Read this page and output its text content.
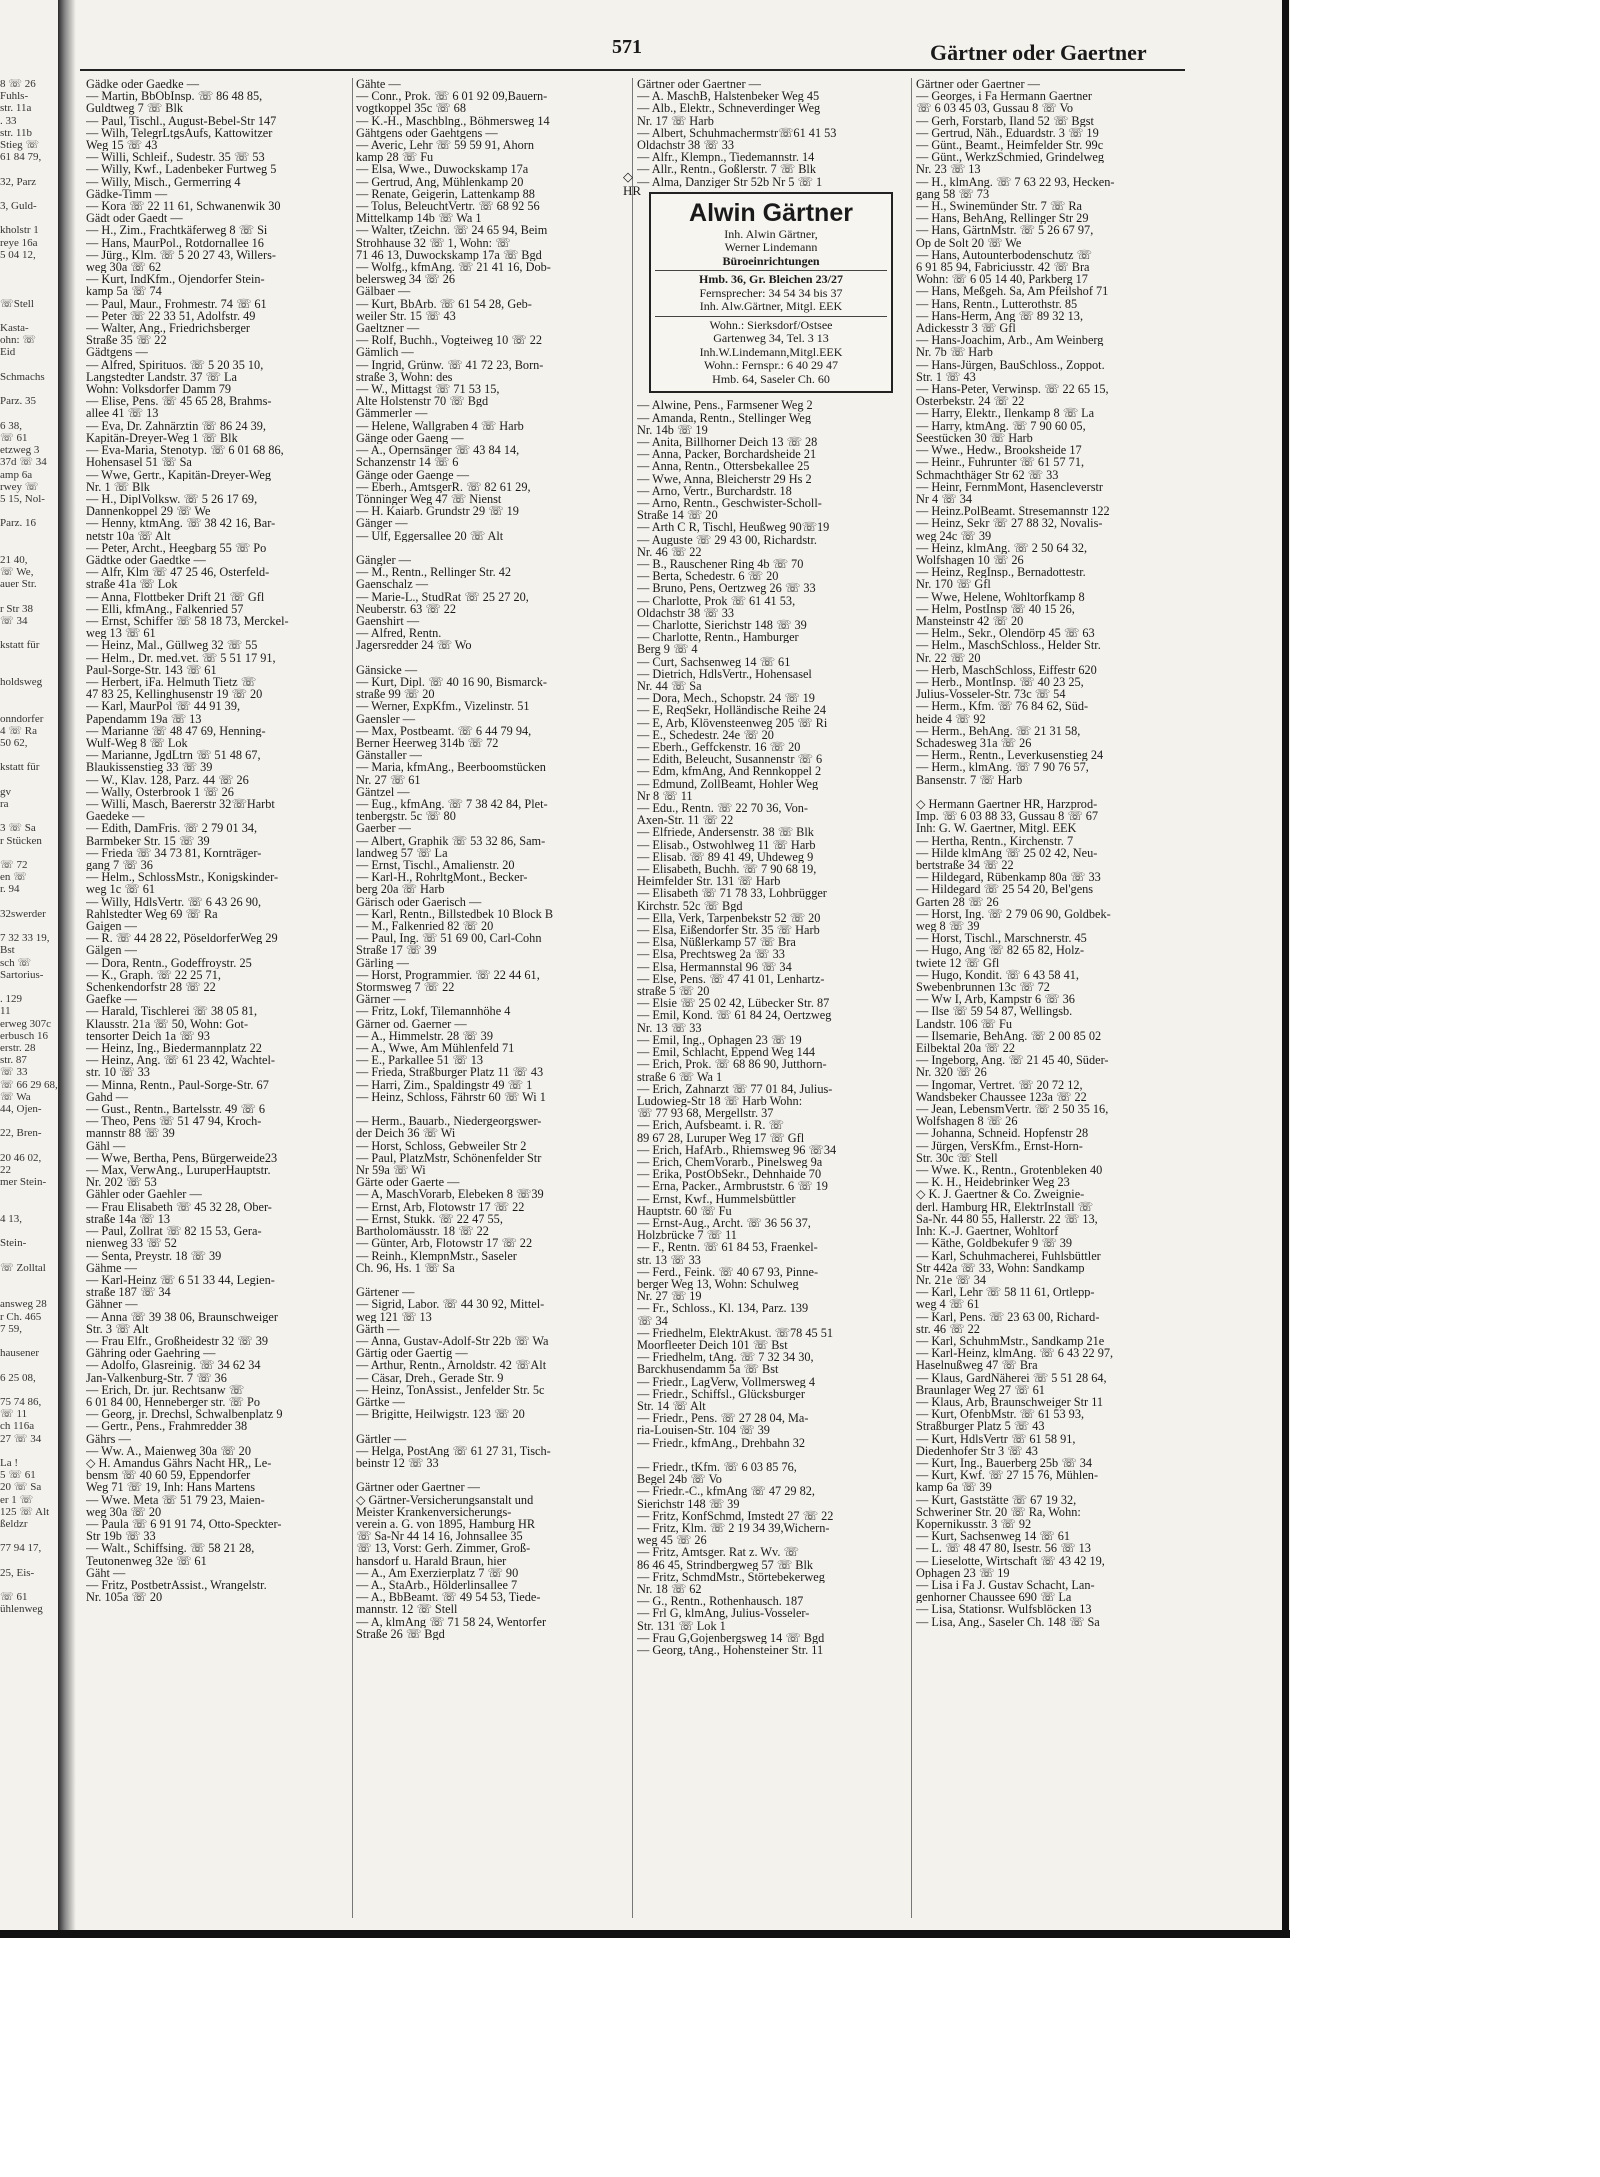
571	Gärtner oder Gaertner
8 ☏ 26
Fuhls-
str. 11a
. 33
str. 11b
Stieg ☏
61 84 79,

32, Parz

3, Guld-

kholstr 1
reye 16a
5 04 12,

☏Stell

Kasta-
ohn: ☏
Eid

Schmachs

Parz. 35

6 38,
☏ 61
etzweg 3
37d ☏ 34
amp 6a
rwey ☏
5 15, Nol-

Parz. 16

21 40,
☏ We,
auer Str.

r Str 38
☏ 34

kstatt für

holdsweg

onndorfer
4 ☏ Ra
50 62,

kstatt für

gv
ra

3 ☏ Sa
r Stücken

☏ 72
en ☏
r. 94

32swerder

7 32 33 19,
Bst
sch ☏
Sartorius-

. 129
11
erweg 307c
erbusch 16
erstr. 28
str. 87
☏ 33
☏ 66 29 68,
☏ Wa
44, Ojen-

22, Bren-

20 46 02,
22
mer Stein-

4 13,

Stein-

☏ Zolltal

answeg 28
r Ch. 465
7 59,

hausener

6 25 08,

75 74 86,
☏ 11
ch 116a
27 ☏ 34

La !
5 ☏ 61
20 ☏ Sa
er 1 ☏
125 ☏ Alt
ßeldzr

77 94 17,

25, Eis-

☏ 61
ühlenweg
Gädke oder Gaedke —
— Martin, BbObInsp. ☏ 86 48 85,
Guldtweg 7 ☏ Blk
— Paul, Tischl., August-Bebel-Str 147
— Wilh, TelegrLtgsAufs, Kattowitzer
Weg 15 ☏ 43
— Willi, Schleif., Sudestr. 35 ☏ 53
— Willy, Kwf., Ladenbeker Furtweg 5
— Willy, Misch., Germerring 4
Gädke-Timm —
— Kora ☏ 22 11 61, Schwanenwik 30
Gädt oder Gaedt —
— H., Zim., Frachtkäferweg 8 ☏ Si
— Hans, MaurPol., Rotdornallee 16
— Jürg., Klm. ☏ 5 20 27 43, Willers-
weg 30a ☏ 62
— Kurt, IndKfm., Ojendorfer Stein-
kamp 5a ☏ 74
— Paul, Maur., Frohmestr. 74 ☏ 61
— Peter ☏ 22 33 51, Adolfstr. 49
— Walter, Ang., Friedrichsberger
Straße 35 ☏ 22
Gädtgens —
— Alfred, Spirituos. ☏ 5 20 35 10,
Langstedter Landstr. 37 ☏ La
Wohn: Volksdorfer Damm 79
— Elise, Pens. ☏ 45 65 28, Brahms-
allee 41 ☏ 13
— Eva, Dr. Zahnärztin ☏ 86 24 39,
Kapitän-Dreyer-Weg 1 ☏ Blk
— Eva-Maria, Stenotyp. ☏ 6 01 68 86,
Hohensasel 51 ☏ Sa
— Wwe, Gertr., Kapitän-Dreyer-Weg
Nr. 1 ☏ Blk
— H., DiplVolksw. ☏ 5 26 17 69,
Dannenkoppel 29 ☏ We
— Henny, ktmAng. ☏ 38 42 16, Bar-
netstr 10a ☏ Alt
— Peter, Archt., Heegbarg 55 ☏ Po
Gädtke oder Gaedtke —
— Alfr, Klm ☏ 47 25 46, Osterfeld-
straße 41a ☏ Lok
— Anna, Flottbeker Drift 21 ☏ Gfl
— Elli, kfmAng., Falkenried 57
— Ernst, Schiffer ☏ 58 18 73, Merckel-
weg 13 ☏ 61
— Heinz, Mal., Güllweg 32 ☏ 55
— Helm., Dr. med.vet. ☏ 5 51 17 91,
Paul-Sorge-Str. 143 ☏ 61
— Herbert, iFa. Helmuth Tietz ☏
47 83 25, Kellinghusenstr 19 ☏ 20
— Karl, MaurPol ☏ 44 91 39,
Papendamm 19a ☏ 13
— Marianne ☏ 48 47 69, Henning-
Wulf-Weg 8 ☏ Lok
— Marianne, JgdLtrn ☏ 51 48 67,
Blaukissenstieg 33 ☏ 39
— W., Klav. 128, Parz. 44 ☏ 26
— Wally, Osterbrook 1 ☏ 26
— Willi, Masch, Baererstr 32☏Harbt
Gaedeke —
— Edith, DamFris. ☏ 2 79 01 34,
Barmbeker Str. 15 ☏ 39
— Frieda ☏ 34 73 81, Kornträger-
gang 7 ☏ 36
— Helm., SchlossMstr., Konigskinder-
weg 1c ☏ 61
— Willy, HdlsVertr. ☏ 6 43 26 90,
Rahlstedter Weg 69 ☏ Ra
Gaigen —
— R. ☏ 44 28 22, PöseldorferWeg 29
Gälgen —
— Dora, Rentn., Godeffroystr. 25
— K., Graph. ☏ 22 25 71,
Schenkendorfstr 28 ☏ 22
Gaefke —
— Harald, Tischlerei ☏ 38 05 81,
Klausstr. 21a ☏ 50, Wohn: Got-
tensorter Deich 1a ☏ 93
— Heinz, Ing., Biedermannplatz 22
— Heinz, Ang. ☏ 61 23 42, Wachtel-
str. 10 ☏ 33
— Minna, Rentn., Paul-Sorge-Str. 67
Gahd —
— Gust., Rentn., Bartelsstr. 49 ☏ 6
— Theo, Pens ☏ 51 47 94, Kroch-
mannstr 88 ☏ 39
Gähl —
— Wwe, Bertha, Pens, Bürgerweide23
— Max, VerwAng., LuruperHauptstr.
Nr. 202 ☏ 53
Gähler oder Gaehler —
— Frau Elisabeth ☏ 45 32 28, Ober-
straße 14a ☏ 13
— Paul, Zollrat ☏ 82 15 53, Gera-
nienweg 33 ☏ 52
— Senta, Preystr. 18 ☏ 39
Gähme —
— Karl-Heinz ☏ 6 51 33 44, Legien-
straße 187 ☏ 34
Gähner —
— Anna ☏ 39 38 06, Braunschweiger
Str. 3 ☏ Alt
— Frau Elfr., Großheidestr 32 ☏ 39
Gähring oder Gaehring —
— Adolfo, Glasreinig. ☏ 34 62 34
Jan-Valkenburg-Str. 7 ☏ 36
— Erich, Dr. jur. Rechtsanw ☏
6 01 84 00, Henneberger str. ☏ Po
— Georg, jr. Drechsl, Schwalbenplatz 9
— Gertr., Pens., Frahmredder 38
Gährs —
— Ww. A., Maienweg 30a ☏ 20
◇ H. Amandus Gährs Nacht HR,, Le-
bensm ☏ 40 60 59, Eppendorfer
Weg 71 ☏ 19, Inh: Hans Martens
— Wwe. Meta ☏ 51 79 23, Maien-
weg 30a ☏ 20
— Paula ☏ 6 91 91 74, Otto-Speckter-
Str 19b ☏ 33
— Walt., Schiffsing. ☏ 58 21 28,
Teutonenweg 32e ☏ 61
Gäht —
— Fritz, PostbetrAssist., Wrangelstr.
Nr. 105a ☏ 20
Gähte —
— Conr., Prok. ☏ 6 01 92 09,Bauern-
vogtkoppel 35c ☏ 68
— K.-H., Maschblng., Böhmersweg 14
Gähtgens oder Gaehtgens —
— Averic, Lehr ☏ 59 59 91, Ahorn
kamp 28 ☏ Fu
— Elsa, Wwe., Duwockskamp 17a
— Gertrud, Ang, Mühlenkamp 20
— Renate, Geigerin, Lattenkamp 88
— Tolus, BeleuchtVertr. ☏ 68 92 56
Mittelkamp 14b ☏ Wa 1
— Walter, tZeichn. ☏ 24 65 94, Beim
Strohhause 32 ☏ 1, Wohn: ☏
71 46 13, Duwockskamp 17a ☏ Bgd
— Wolfg., kfmAng. ☏ 21 41 16, Dob-
belersweg 34 ☏ 26
Gälbaer —
— Kurt, BbArb. ☏ 61 54 28, Geb-
weiler Str. 15 ☏ 43
Gaeltzner —
— Rolf, Buchh., Vogteiweg 10 ☏ 22
Gämlich —
— Ingrid, Grünw. ☏ 41 72 23, Born-
straße 3, Wohn: des
— W., Mittagst ☏ 71 53 15,
Alte Holstenstr 70 ☏ Bgd
Gämmerler —
— Helene, Wallgraben 4 ☏ Harb
Gänge oder Gaeng —
— A., Opernsänger ☏ 43 84 14,
Schanzenstr 14 ☏ 6
Gänge oder Gaenge —
— Eberh., AmtsgerR. ☏ 82 61 29,
Tönninger Weg 47 ☏ Nienst
— H. Kaiarb. Grundstr 29 ☏ 19
Gänger —
— Ulf, Eggersallee 20 ☏ Alt

Gängler —
— M., Rentn., Rellinger Str. 42
Gaenschalz —
— Marie-L., StudRat ☏ 25 27 20,
Neuberstr. 63 ☏ 22
Gaenshirt —
— Alfred, Rentn.
Jagersredder 24 ☏ Wo

Gänsicke —
— Kurt, Dipl. ☏ 40 16 90, Bismarck-
straße 99 ☏ 20
— Werner, ExpKfm., Vizelinstr. 51
Gaensler —
— Max, Postbeamt. ☏ 6 44 79 94,
Berner Heerweg 314b ☏ 72
Gänstaller —
— Maria, kfmAng., Beerboomstücken
Nr. 27 ☏ 61
Gäntzel —
— Eug., kfmAng. ☏ 7 38 42 84, Plet-
tenbergstr. 5c ☏ 80
Gaerber —
— Albert, Graphik ☏ 53 32 86, Sam-
landweg 57 ☏ La
— Ernst, Tischl., Amalienstr. 20
— Karl-H., RohrltgMont., Becker-
berg 20a ☏ Harb
Gärisch oder Gaerisch —
— Karl, Rentn., Billstedbek 10 Block B
— M., Falkenried 82 ☏ 20
— Paul, Ing. ☏ 51 69 00, Carl-Cohn
Straße 17 ☏ 39
Gärling —
— Horst, Programmier. ☏ 22 44 61,
Stormsweg 7 ☏ 22
Gärner —
— Fritz, Lokf, Tilemannhöhe 4
Gärner od. Gaerner —
— A., Himmelstr. 28 ☏ 39
— A., Wwe, Am Mühlenfeld 71
— E., Parkallee 51 ☏ 13
— Frieda, Straßburger Platz 11 ☏ 43
— Harri, Zim., Spaldingstr 49 ☏ 1
— Heinz, Schloss, Fährstr 60 ☏ Wi 1

— Herm., Bauarb., Niedergeorgswer-
der Deich 36 ☏ Wi
— Horst, Schloss, Gebweiler Str 2
— Paul, PlatzMstr, Schönenfelder Str
Nr 59a ☏ Wi
Gärte oder Gaerte —
— A, MaschVorarb, Elebeken 8 ☏39
— Ernst, Arb, Flotowstr 17 ☏ 22
— Ernst, Stukk. ☏ 22 47 55,
Bartholomäusstr. 18 ☏ 22
— Günter, Arb, Flotowstr 17 ☏ 22
— Reinh., KlempnMstr., Saseler
Ch. 96, Hs. 1 ☏ Sa

Gärtener —
— Sigrid, Labor. ☏ 44 30 92, Mittel-
weg 121 ☏ 13
Gärth —
— Anna, Gustav-Adolf-Str 22b ☏ Wa
Gärtig oder Gaertig —
— Arthur, Rentn., Arnoldstr. 42 ☏Alt
— Cäsar, Dreh., Gerade Str. 9
— Heinz, TonAssist., Jenfelder Str. 5c
Gärtke —
— Brigitte, Heilwigstr. 123 ☏ 20

Gärtler —
— Helga, PostAng ☏ 61 27 31, Tisch-
beinstr 12 ☏ 33

Gärtner oder Gaertner —
◇ Gärtner-Versicherungsanstalt und
Meister Krankenversicherungs-
verein a. G. von 1895, Hamburg HR
☏ Sa-Nr 44 14 16, Johnsallee 35
☏ 13, Vorst: Gerh. Zimmer, Groß-
hansdorf u. Harald Braun, hier
— A., Am Exerzierplatz 7 ☏ 90
— A., StaArb., Hölderlinsallee 7
— A., BbBeamt. ☏ 49 54 53, Tiede-
mannstr. 12 ☏ Stell
— A, klmAng ☏ 71 58 24, Wentorfer
Straße 26 ☏ Bgd
Gärtner oder Gaertner —
— A. MaschB, Halstenbeker Weg 45
— Alb., Elektr., Schneverdinger Weg
Nr. 17 ☏ Harb
— Albert, Schuhmachermstr☏61 41 53
Oldachstr 38 ☏ 33
— Alfr., Klempn., Tiedemannstr. 14
— Allr., Rentn., Goßlerstr. 7 ☏ Blk
— Alma, Danziger Str 52b Nr 5 ☏ 1
Alwin Gärtner
Inh. Alwin Gärtner,
Werner Lindemann
Büroeinrichtungen
Hmb. 36, Gr. Bleichen 23/27
Fernsprecher: 34 54 34 bis 37
Inh. Alw.Gärtner, Mitgl. EEK
Wohn.: Sierksdorf/Ostsee
Gartenweg 34, Tel. 3 13
Inh.W.Lindemann,Mitgl.EEK
Wohn.: Fernspr.: 6 40 29 47
Hmb. 64, Saseler Ch. 60
— Alwine, Pens., Farmsener Weg 2
— Amanda, Rentn., Stellinger Weg
Nr. 14b ☏ 19
— Anita, Billhorner Deich 13 ☏ 28
— Anna, Packer, Borchardsheide 21
— Anna, Rentn., Ottersbekallee 25
— Wwe, Anna, Bleicherstr 29 Hs 2
— Arno, Vertr., Burchardstr. 18
— Arno, Rentn., Geschwister-Scholl-
Straße 14 ☏ 20
— Arth C R, Tischl, Heußweg 90☏19
— Auguste ☏ 29 43 00, Richardstr.
Nr. 46 ☏ 22
— B., Rauschener Ring 4b ☏ 70
— Berta, Schedestr. 6 ☏ 20
— Bruno, Pens, Oertzweg 26 ☏ 33
— Charlotte, Prok ☏ 61 41 53,
Oldachstr 38 ☏ 33
— Charlotte, Sierichstr 148 ☏ 39
— Charlotte, Rentn., Hamburger
Berg 9 ☏ 4
— Curt, Sachsenweg 14 ☏ 61
— Dietrich, HdlsVertr., Hohensasel
Nr. 44 ☏ Sa
— Dora, Mech., Schopstr. 24 ☏ 19
— E, ReqSekr, Holländische Reihe 24
— E, Arb, Klövensteenweg 205 ☏ Ri
— E., Schedestr. 24e ☏ 20
— Eberh., Geffckenstr. 16 ☏ 20
— Edith, Beleucht, Susannenstr ☏ 6
— Edm, kfmAng, And Rennkoppel 2
— Edmund, ZollBeamt, Hohler Weg
Nr 8 ☏ 11
— Edu., Rentn. ☏ 22 70 36, Von-
Axen-Str. 11 ☏ 22
— Elfriede, Andersenstr. 38 ☏ Blk
— Elisab., Ostwohlweg 11 ☏ Harb
— Elisab. ☏ 89 41 49, Uhdeweg 9
— Elisabeth, Buchh. ☏ 7 90 68 19,
Heimfelder Str. 131 ☏ Harb
— Elisabeth ☏ 71 78 33, Lohbrügger
Kirchstr. 52c ☏ Bgd
— Ella, Verk, Tarpenbekstr 52 ☏ 20
— Elsa, Eißendorfer Str. 35 ☏ Harb
— Elsa, Nüßlerkamp 57 ☏ Bra
— Elsa, Prechtsweg 2a ☏ 33
— Elsa, Hermannstal 96 ☏ 34
— Else, Pens. ☏ 47 41 01, Lenhartz-
straße 5 ☏ 20
— Elsie ☏ 25 02 42, Lübecker Str. 87
— Emil, Kond. ☏ 61 84 24, Oertzweg
Nr. 13 ☏ 33
— Emil, Ing., Ophagen 23 ☏ 19
— Emil, Schlacht, Eppend Weg 144
— Erich, Prok. ☏ 68 86 90, Jutthorn-
straße 6 ☏ Wa 1
— Erich, Zahnarzt ☏ 77 01 84, Julius-
Ludowieg-Str 18 ☏ Harb Wohn:
☏ 77 93 68, Mergellstr. 37
— Erich, Aufsbeamt. i. R. ☏
89 67 28, Luruper Weg 17 ☏ Gfl
— Erich, HafArb., Rhiemsweg 96 ☏34
— Erich, ChemVorarb., Pinelsweg 9a
— Erika, PostObSekr., Dehnhaide 70
— Erna, Packer., Armbruststr. 6 ☏ 19
— Ernst, Kwf., Hummelsbüttler
Hauptstr. 60 ☏ Fu
— Ernst-Aug., Archt. ☏ 36 56 37,
Holzbrücke 7 ☏ 11
— F., Rentn. ☏ 61 84 53, Fraenkel-
str. 13 ☏ 33
— Ferd., Feink. ☏ 40 67 93, Pinne-
berger Weg 13, Wohn: Schulweg
Nr. 27 ☏ 19
— Fr., Schloss., Kl. 134, Parz. 139
☏ 34
— Friedhelm, ElektrAkust. ☏78 45 51
Moorfleeter Deich 101 ☏ Bst
— Friedhelm, tAng. ☏ 7 32 34 30,
Barckhusendamm 5a ☏ Bst
— Friedr., LagVerw, Vollmersweg 4
— Friedr., Schiffsl., Glücksburger
Str. 14 ☏ Alt
— Friedr., Pens. ☏ 27 28 04, Ma-
ria-Louisen-Str. 104 ☏ 39
— Friedr., kfmAng., Drehbahn 32

— Friedr., tKfm. ☏ 6 03 85 76,
Begel 24b ☏ Vo
— Friedr.-C., kfmAng ☏ 47 29 82,
Sierichstr 148 ☏ 39
— Fritz, KonfSchmd, Imstedt 27 ☏ 22
— Fritz, Klm. ☏ 2 19 34 39,Wichern-
weg 45 ☏ 26
— Fritz, Amtsger. Rat z. Wv. ☏
86 46 45, Strindbergweg 57 ☏ Blk
— Fritz, SchmdMstr., Störtebekerweg
Nr. 18 ☏ 62
— G., Rentn., Rothenhausch. 187
— Frl G, klmAng, Julius-Vosseler-
Str. 131 ☏ Lok 1
— Frau G,Gojenbergsweg 14 ☏ Bgd
— Georg, tAng., Hohensteiner Str. 11
◇
HR
Gärtner oder Gaertner —
— Georges, i Fa Hermann Gaertner
☏ 6 03 45 03, Gussau 8 ☏ Vo
— Gerh, Forstarb, Iland 52 ☏ Bgst
— Gertrud, Näh., Eduardstr. 3 ☏ 19
— Günt., Beamt., Heimfelder Str. 99c
— Günt., WerkzSchmied, Grindelweg
Nr. 23 ☏ 13
— H., klmAng. ☏ 7 63 22 93, Hecken-
gang 58 ☏ 73
— H., Swinemünder Str. 7 ☏ Ra
— Hans, BehAng, Rellinger Str 29
— Hans, GärtnMstr. ☏ 5 26 67 97,
Op de Solt 20 ☏ We
— Hans, Autounterbodenschutz ☏
6 91 85 94, Fabriciusstr. 42 ☏ Bra
Wohn: ☏ 6 05 14 40, Parkberg 17
— Hans, Meßgeh. Sa, Am Pfeilshof 71
— Hans, Rentn., Lutterothstr. 85
— Hans-Herm, Ang ☏ 89 32 13,
Adickesstr 3 ☏ Gfl
— Hans-Joachim, Arb., Am Weinberg
Nr. 7b ☏ Harb
— Hans-Jürgen, BauSchloss., Zoppot.
Str. 1 ☏ 43
— Hans-Peter, Verwinsp. ☏ 22 65 15,
Osterbekstr. 24 ☏ 22
— Harry, Elektr., Ilenkamp 8 ☏ La
— Harry, ktmAng. ☏ 7 90 60 05,
Seestücken 30 ☏ Harb
— Wwe., Hedw., Brooksheide 17
— Heinr., Fuhrunter ☏ 61 57 71,
Schmachthäger Str 62 ☏ 33
— Heinr, FernmMont, Hasencleverstr
Nr 4 ☏ 34
— Heinz.PolBeamt. Stresemannstr 122
— Heinz, Sekr ☏ 27 88 32, Novalis-
weg 24c ☏ 39
— Heinz, klmAng. ☏ 2 50 64 32,
Wolfshagen 10 ☏ 26
— Heinz, RegInsp., Bernadottestr.
Nr. 170 ☏ Gfl
— Wwe, Helene, Wohltorfkamp 8
— Helm, PostInsp ☏ 40 15 26,
Mansteinstr 42 ☏ 20
— Helm., Sekr., Olendörp 45 ☏ 63
— Helm., MaschSchloss., Helder Str.
Nr. 22 ☏ 20
— Herb, MaschSchloss, Eiffestr 620
— Herb., MontInsp. ☏ 40 23 25,
Julius-Vosseler-Str. 73c ☏ 54
— Herm., Kfm. ☏ 76 84 62, Süd-
heide 4 ☏ 92
— Herm., BehAng. ☏ 21 31 58,
Schadesweg 31a ☏ 26
— Herm., Rentn., Leverkusenstieg 24
— Herm., klmAng. ☏ 7 90 76 57,
Bansenstr. 7 ☏ Harb

◇ Hermann Gaertner HR, Harzprod-
Imp. ☏ 6 03 88 33, Gussau 8 ☏ 67
Inh: G. W. Gaertner, Mitgl. EEK
— Hertha, Rentn., Kirchenstr. 7
— Hilde klmAng ☏ 25 02 42, Neu-
bertstraße 34 ☏ 22
— Hildegard, Rübenkamp 80a ☏ 33
— Hildegard ☏ 25 54 20, Bel'gens
Garten 28 ☏ 26
— Horst, Ing. ☏ 2 79 06 90, Goldbek-
weg 8 ☏ 39
— Horst, Tischl., Marschnerstr. 45
— Hugo, Ang ☏ 82 65 82, Holz-
twiete 12 ☏ Gfl
— Hugo, Kondit. ☏ 6 43 58 41,
Swebenbrunnen 13c ☏ 72
— Ww I, Arb, Kampstr 6 ☏ 36
— Ilse ☏ 59 54 87, Wellingsb.
Landstr. 106 ☏ Fu
— Ilsemarie, BehAng. ☏ 2 00 85 02
Eilbektal 20a ☏ 22
— Ingeborg, Ang. ☏ 21 45 40, Süder-
Nr. 320 ☏ 26
— Ingomar, Vertret. ☏ 20 72 12,
Wandsbeker Chaussee 123a ☏ 22
— Jean, LebensmVertr. ☏ 2 50 35 16,
Wolfshagen 8 ☏ 26
— Johanna, Schneid. Hopfenstr 28
— Jürgen, VersKfm., Ernst-Horn-
Str. 30c ☏ Stell
— Wwe. K., Rentn., Grotenbleken 40
— K. H., Heidebrinker Weg 23
◇ K. J. Gaertner & Co. Zweignie-
derl. Hamburg HR, ElektrInstall ☏
Sa-Nr. 44 80 55, Hallerstr. 22 ☏ 13,
Inh: K.-J. Gaertner, Wohltorf
— Käthe, Goldbekufer 9 ☏ 39
— Karl, Schuhmacherei, Fuhlsbüttler
Str 442a ☏ 33, Wohn: Sandkamp
Nr. 21e ☏ 34
— Karl, Lehr ☏ 58 11 61, Ortlepp-
weg 4 ☏ 61
— Karl, Pens. ☏ 23 63 00, Richard-
str. 46 ☏ 22
— Karl, SchuhmMstr., Sandkamp 21e
— Karl-Heinz, klmAng. ☏ 6 43 22 97,
Haselnußweg 47 ☏ Bra
— Klaus, GardNäherei ☏ 5 51 28 64,
Braunlager Weg 27 ☏ 61
— Klaus, Arb, Braunschweiger Str 11
— Kurt, OfenbMstr. ☏ 61 53 93,
Straßburger Platz 5 ☏ 43
— Kurt, HdlsVertr ☏ 61 58 91,
Diedenhofer Str 3 ☏ 43
— Kurt, Ing., Bauerberg 25b ☏ 34
— Kurt, Kwf. ☏ 27 15 76, Mühlen-
kamp 6a ☏ 39
— Kurt, Gaststätte ☏ 67 19 32,
Schweriner Str. 20 ☏ Ra, Wohn:
Kopernikusstr. 3 ☏ 92
— Kurt, Sachsenweg 14 ☏ 61
— L. ☏ 48 47 80, Isestr. 56 ☏ 13
— Lieselotte, Wirtschaft ☏ 43 42 19,
Ophagen 23 ☏ 19
— Lisa i Fa J. Gustav Schacht, Lan-
genhorner Chaussee 690 ☏ La
— Lisa, Stationsr. Wulfsblöcken 13
— Lisa, Ang., Saseler Ch. 148 ☏ Sa
